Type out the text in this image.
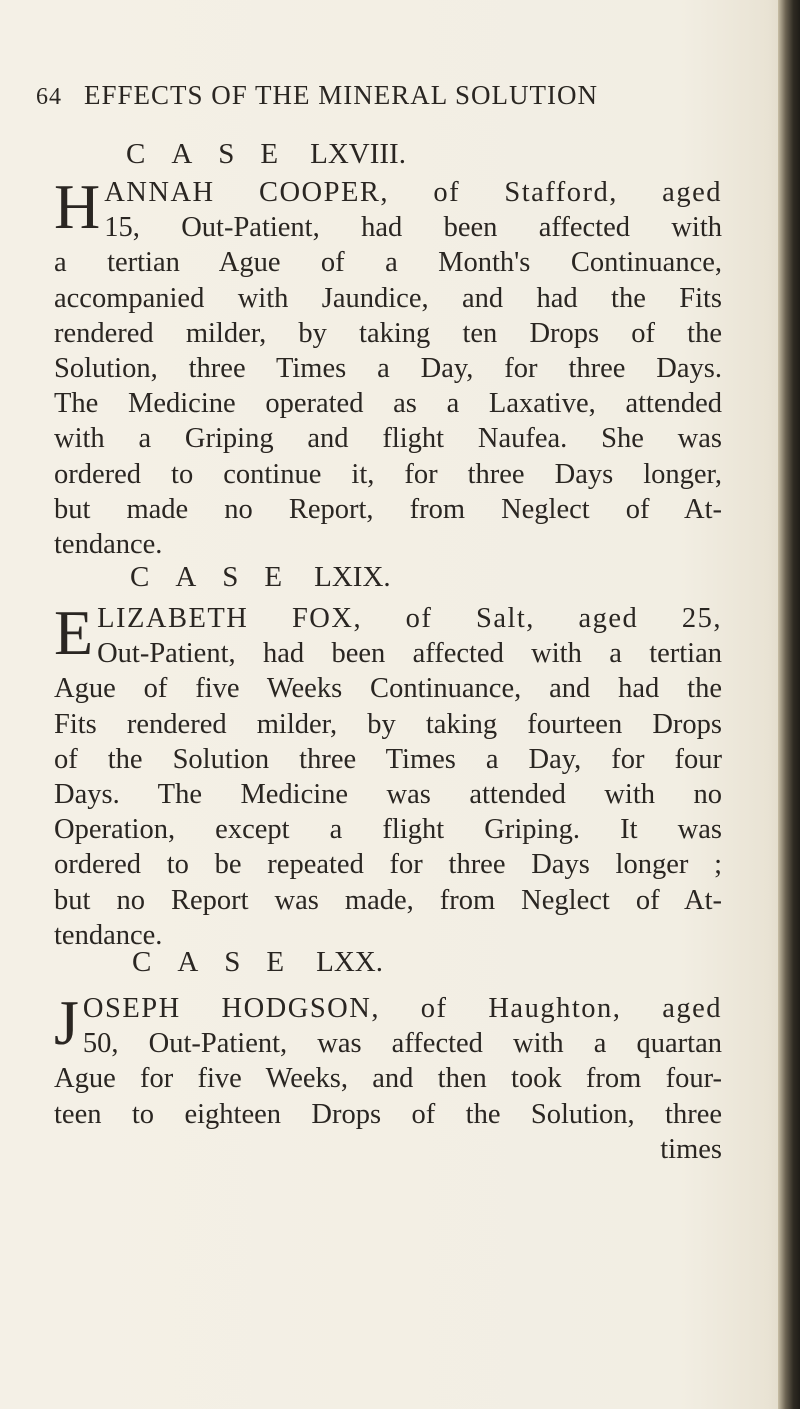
64 EFFECTS OF THE MINERAL SOLUTION
CASE LXVIII.
H ANNAH COOPER, of Stafford, aged
15, Out-Patient, had been affected with
a tertian Ague of a Month's Continuance,
accompanied with Jaundice, and had the Fits
rendered milder, by taking ten Drops of the
Solution, three Times a Day, for three Days.
The Medicine operated as a Laxative, attended
with a Griping and flight Naufea. She was
ordered to continue it, for three Days longer,
but made no Report, from Neglect of At-
tendance.
CASE LXIX.
E LIZABETH FOX, of Salt, aged 25,
Out-Patient, had been affected with a tertian
Ague of five Weeks Continuance, and had the
Fits rendered milder, by taking fourteen Drops
of the Solution three Times a Day, for four
Days. The Medicine was attended with no
Operation, except a flight Griping. It was
ordered to be repeated for three Days longer ;
but no Report was made, from Neglect of At-
tendance.
CASE LXX.
J OSEPH HODGSON, of Haughton, aged
50, Out-Patient, was affected with a quartan
Ague for five Weeks, and then took from four-
teen to eighteen Drops of the Solution, three
times
